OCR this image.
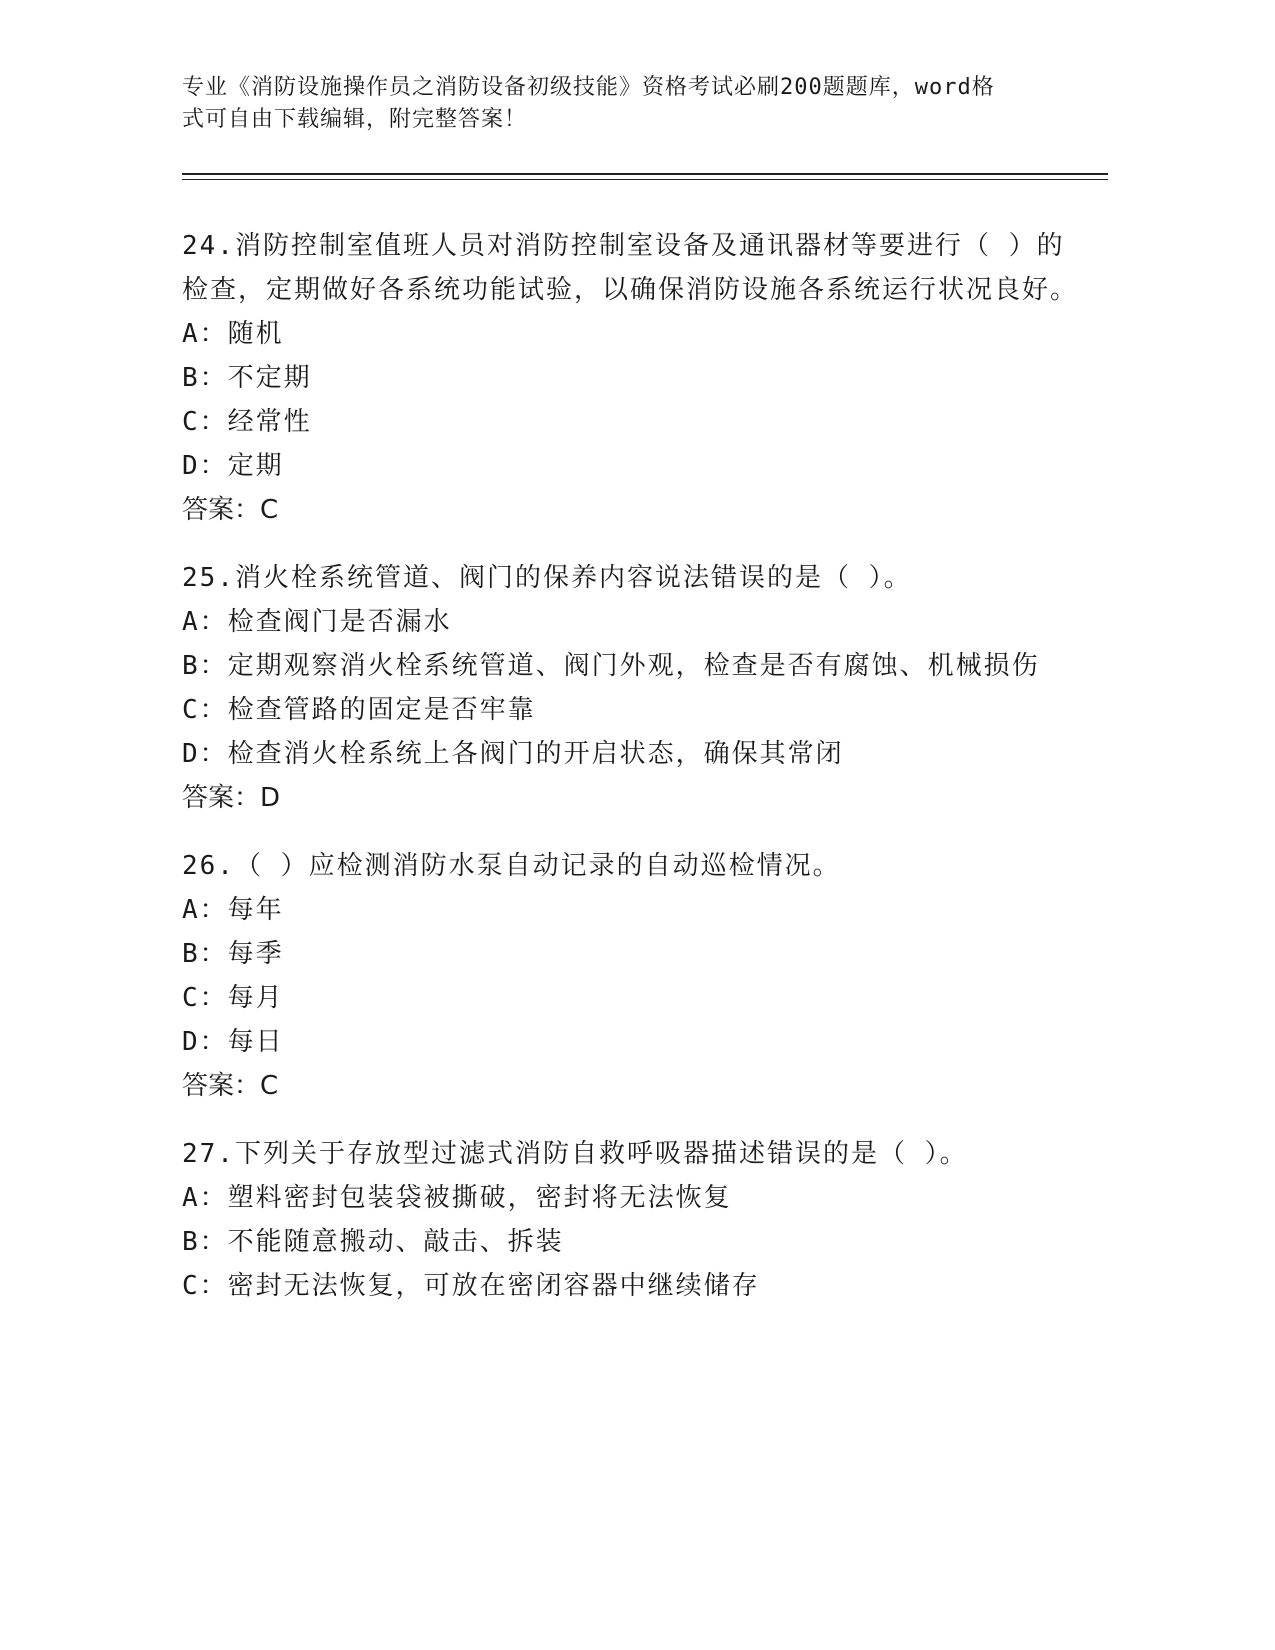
专业《消防设施操作员之消防设备初级技能》资格考试必刷200题题库，word格
式可自由下载编辑，附完整答案！

24.消防控制室值班人员对消防控制室设备及通讯器材等要进行（ ）的检查，定期做好各系统功能试验，以确保消防设施各系统运行状况良好。

A：随机

B：不定期

C：经常性

D：定期

答案：C

25.消火栓系统管道、阀门的保养内容说法错误的是（ ）。

A：检查阀门是否漏水

B：定期观察消火栓系统管道、阀门外观，检查是否有腐蚀、机械损伤

C：检查管路的固定是否牢靠

D：检查消火栓系统上各阀门的开启状态，确保其常闭

答案：D

26.（ ）应检测消防水泵自动记录的自动巡检情况。

A：每年

B：每季

C：每月

D：每日

答案：C

27.下列关于存放型过滤式消防自救呼吸器描述错误的是（ ）。

A：塑料密封包装袋被撕破，密封将无法恢复

B：不能随意搬动、敲击、拆装

C：密封无法恢复，可放在密闭容器中继续储存
